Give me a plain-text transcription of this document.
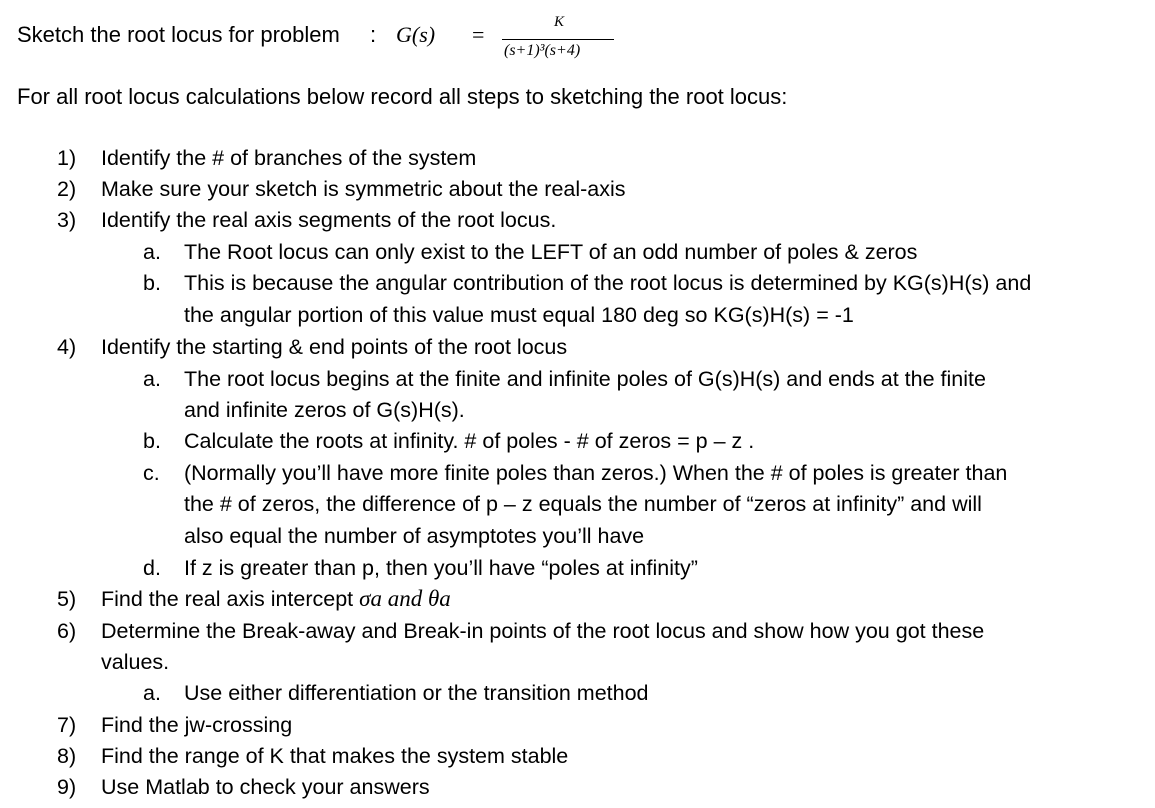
Sketch the root locus for problem : G(s) =	K
(s+1)³(s+4)
For all root locus calculations below record all steps to sketching the root locus:
1)	Identify the # of branches of the system
2)	Make sure your sketch is symmetric about the real-axis
3)	Identify the real axis segments of the root locus.
a. The Root locus can only exist to the LEFT of an odd number of poles & zeros
b. This is because the angular contribution of the root locus is determined by KG(s)H(s) and
the angular portion of this value must equal 180 deg so KG(s)H(s) = -1
4)	Identify the starting & end points of the root locus
a. The root locus begins at the finite and infinite poles of G(s)H(s) and ends at the finite
and infinite zeros of G(s)H(s).
b. Calculate the roots at infinity. # of poles - # of zeros = p – z .
c. (Normally you’ll have more finite poles than zeros.) When the # of poles is greater than
the # of zeros, the difference of p – z equals the number of “zeros at infinity” and will
also equal the number of asymptotes you’ll have
d. If z is greater than p, then you’ll have “poles at infinity”
5)	Find the real axis intercept σa and θa
6)	Determine the Break-away and Break-in points of the root locus and show how you got these
values.
a. Use either differentiation or the transition method
7)	Find the jw-crossing
8)	Find the range of K that makes the system stable
9)	Use Matlab to check your answers
